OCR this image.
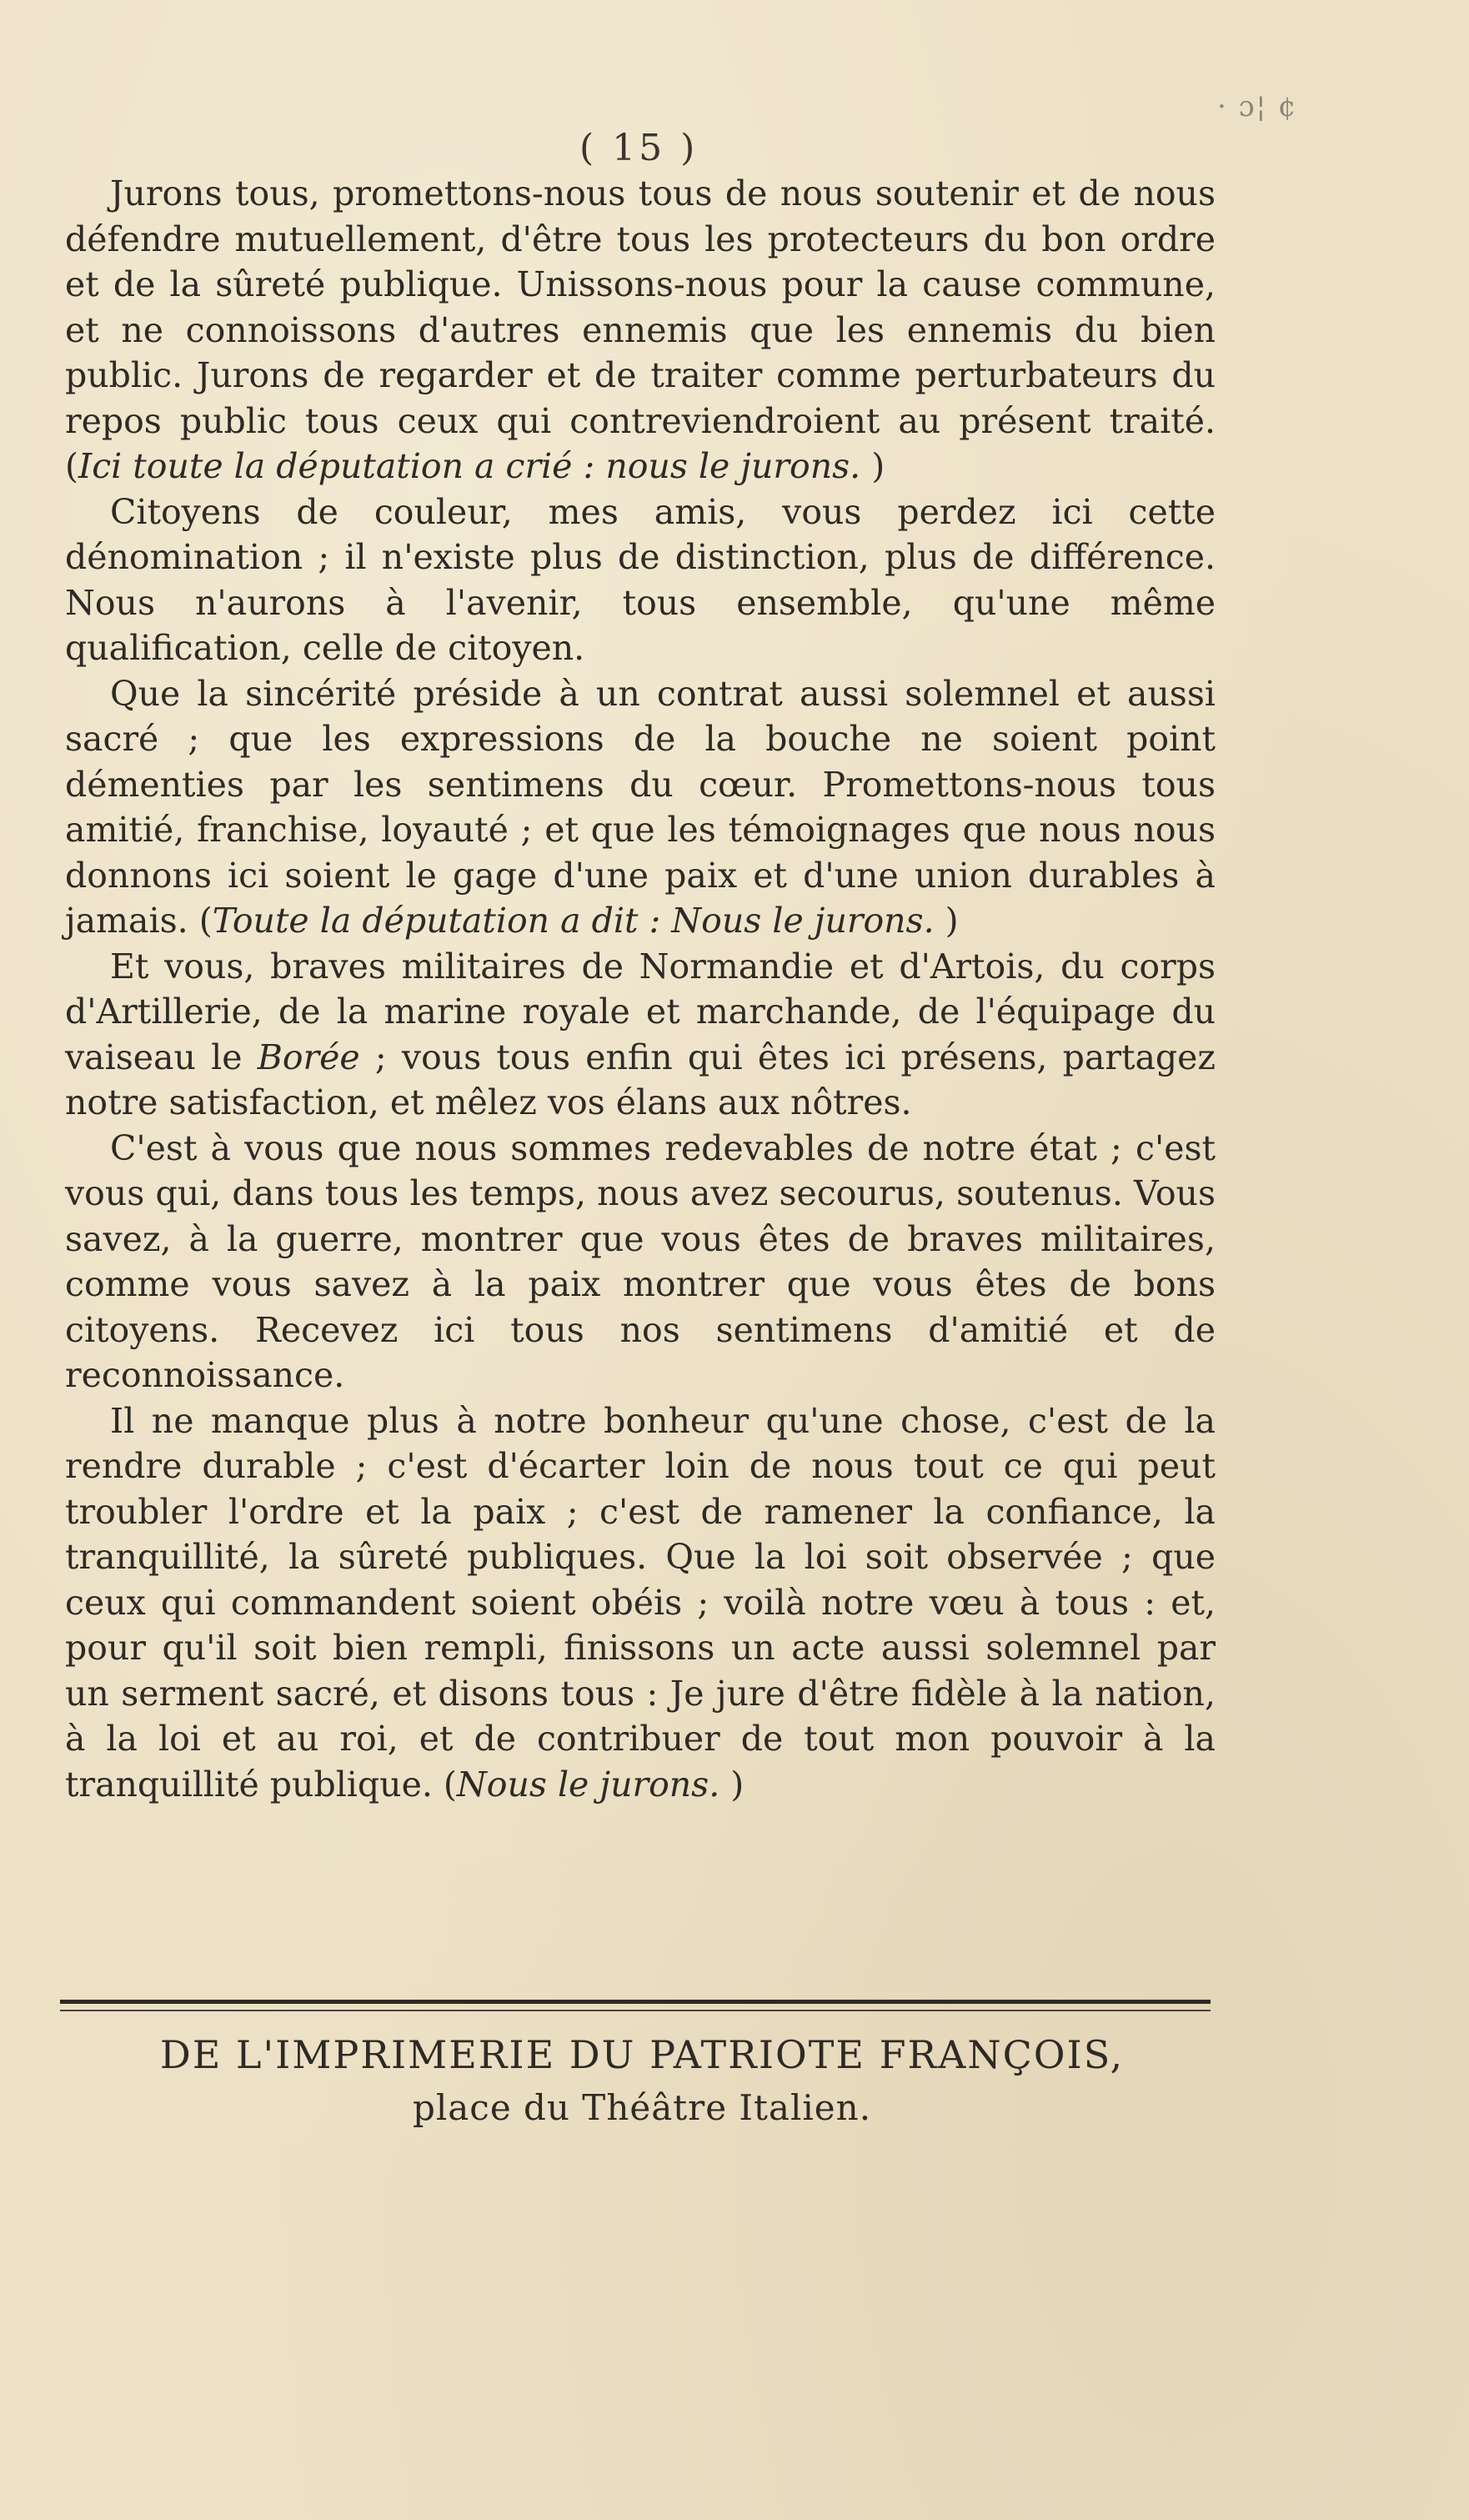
( 15 )
· ɔ¦ ¢

Jurons tous, promettons-nous tous de nous soutenir et de nous défendre mutuellement, d'être tous les protecteurs du bon ordre et de la sûreté publique. Unissons-nous pour la cause commune, et ne connoissons d'autres ennemis que les ennemis du bien public. Jurons de regarder et de traiter comme perturbateurs du repos public tous ceux qui contreviendroient au présent traité. (Ici toute la députation a crié : nous le jurons. )

Citoyens de couleur, mes amis, vous perdez ici cette dénomination ; il n'existe plus de distinction, plus de différence. Nous n'aurons à l'avenir, tous ensemble, qu'une même qualification, celle de citoyen.

Que la sincérité préside à un contrat aussi solemnel et aussi sacré ; que les expressions de la bouche ne soient point démenties par les sentimens du cœur. Promettons-nous tous amitié, franchise, loyauté ; et que les témoignages que nous nous donnons ici soient le gage d'une paix et d'une union durables à jamais. (Toute la députation a dit : Nous le jurons. )

Et vous, braves militaires de Normandie et d'Artois, du corps d'Artillerie, de la marine royale et marchande, de l'équipage du vaiseau le Borée ; vous tous enfin qui êtes ici présens, partagez notre satisfaction, et mêlez vos élans aux nôtres.

C'est à vous que nous sommes redevables de notre état ; c'est vous qui, dans tous les temps, nous avez secourus, soutenus. Vous savez, à la guerre, montrer que vous êtes de braves militaires, comme vous savez à la paix montrer que vous êtes de bons citoyens. Recevez ici tous nos sentimens d'amitié et de reconnoissance.

Il ne manque plus à notre bonheur qu'une chose, c'est de la rendre durable ; c'est d'écarter loin de nous tout ce qui peut troubler l'ordre et la paix ; c'est de ramener la confiance, la tranquillité, la sûreté publiques. Que la loi soit observée ; que ceux qui commandent soient obéis ; voilà notre vœu à tous : et, pour qu'il soit bien rempli, finissons un acte aussi solemnel par un serment sacré, et disons tous : Je jure d'être fidèle à la nation, à la loi et au roi, et de contribuer de tout mon pouvoir à la tranquillité publique. (Nous le jurons. )

DE L'IMPRIMERIE DU PATRIOTE FRANÇOIS,
place du Théâtre Italien.
